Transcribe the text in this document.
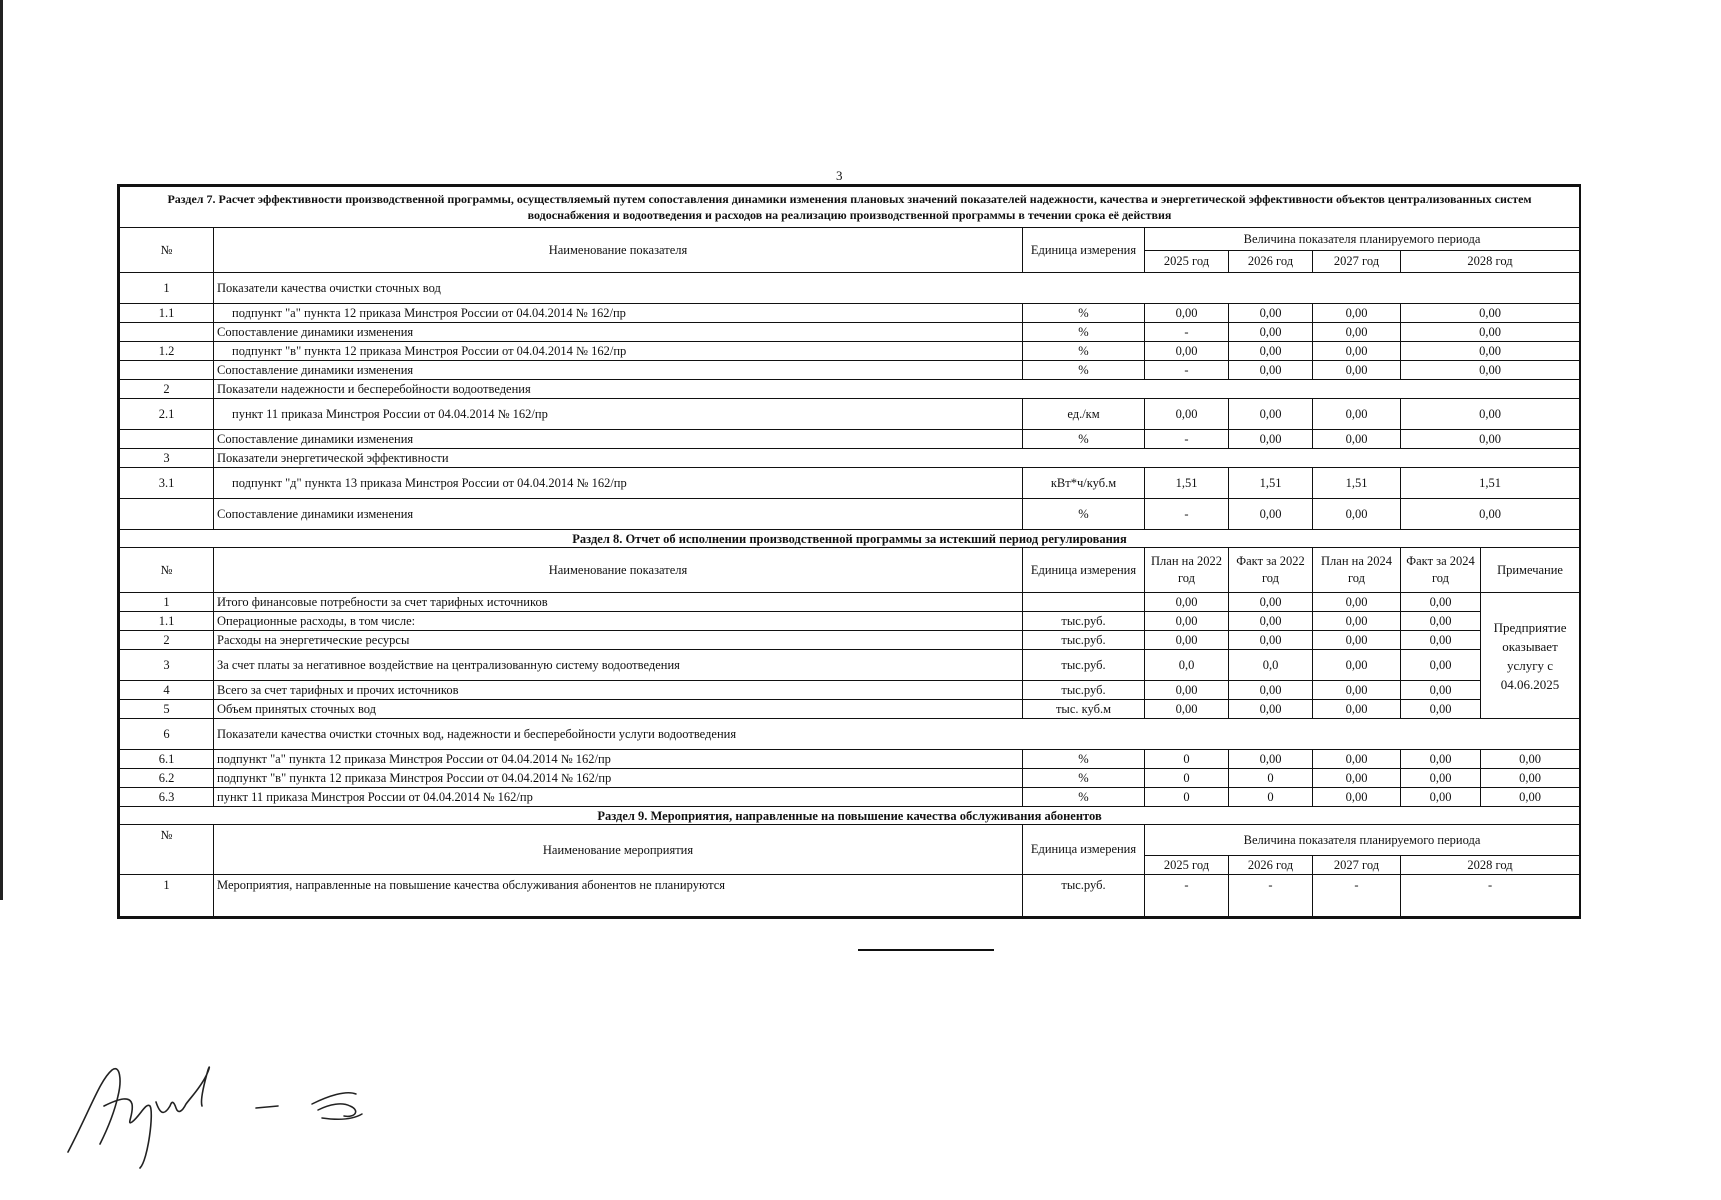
3
Раздел 7. Расчет эффективности производственной программы, осуществляемый путем сопоставления динамики изменения плановых значений показателей надежности, качества и энергетической эффективности объектов централизованных систем водоснабжения и водоотведения и расходов на реализацию производственной программы в течении срока её действия							
№	Наименование показателя	Единица измерения	Величина показателя планируемого периода				
			2025 год	2026 год	2027 год	2028 год	
1	Показатели качества очистки сточных вод						
1.1	подпункт "а" пункта 12 приказа Минстроя России от 04.04.2014 № 162/пр	%	0,00	0,00	0,00	0,00	
	Сопоставление динамики изменения	%	-	0,00	0,00	0,00	
1.2	подпункт "в" пункта 12 приказа Минстроя России от 04.04.2014 № 162/пр	%	0,00	0,00	0,00	0,00	
	Сопоставление динамики изменения	%	-	0,00	0,00	0,00	
2	Показатели надежности и бесперебойности водоотведения						
2.1	пункт 11 приказа Минстроя России от 04.04.2014 № 162/пр	ед./км	0,00	0,00	0,00	0,00	
	Сопоставление динамики изменения	%	-	0,00	0,00	0,00	
3	Показатели энергетической эффективности						
3.1	подпункт "д" пункта 13 приказа Минстроя России от 04.04.2014 № 162/пр	кВт*ч/куб.м	1,51	1,51	1,51	1,51	
	Сопоставление динамики изменения	%	-	0,00	0,00	0,00	
Раздел 8. Отчет об исполнении производственной программы за истекший период регулирования							
№	Наименование показателя	Единица измерения	План на 2022 год	Факт за 2022 год	План на 2024 год	Факт за 2024 год	Примечание
1	Итого финансовые потребности за счет тарифных источников		0,00	0,00	0,00	0,00	Предприятие оказывает услугу с 04.06.2025
1.1	Операционные расходы, в том числе:	тыс.руб.	0,00	0,00	0,00	0,00	
2	Расходы на энергетические ресурсы	тыс.руб.	0,00	0,00	0,00	0,00	
3	За счет платы за негативное воздействие на централизованную систему водоотведения	тыс.руб.	0,0	0,0	0,00	0,00	
4	Всего за счет тарифных и прочих источников	тыс.руб.	0,00	0,00	0,00	0,00	
5	Объем принятых сточных вод	тыс. куб.м	0,00	0,00	0,00	0,00	
6	Показатели качества очистки сточных вод, надежности и бесперебойности услуги водоотведения						
6.1	подпункт "а" пункта 12 приказа Минстроя России от 04.04.2014 № 162/пр	%	0	0,00	0,00	0,00	0,00
6.2	подпункт "в" пункта 12 приказа Минстроя России от 04.04.2014 № 162/пр	%	0	0	0,00	0,00	0,00
6.3	пункт 11 приказа Минстроя России от 04.04.2014 № 162/пр	%	0	0	0,00	0,00	0,00
Раздел 9. Мероприятия, направленные на повышение качества обслуживания абонентов							
№	Наименование мероприятия	Единица измерения	Величина показателя планируемого периода				
			2025 год	2026 год	2027 год	2028 год	
1	Мероприятия, направленные на повышение качества обслуживания абонентов не планируются	тыс.руб.	-	-	-	-	
